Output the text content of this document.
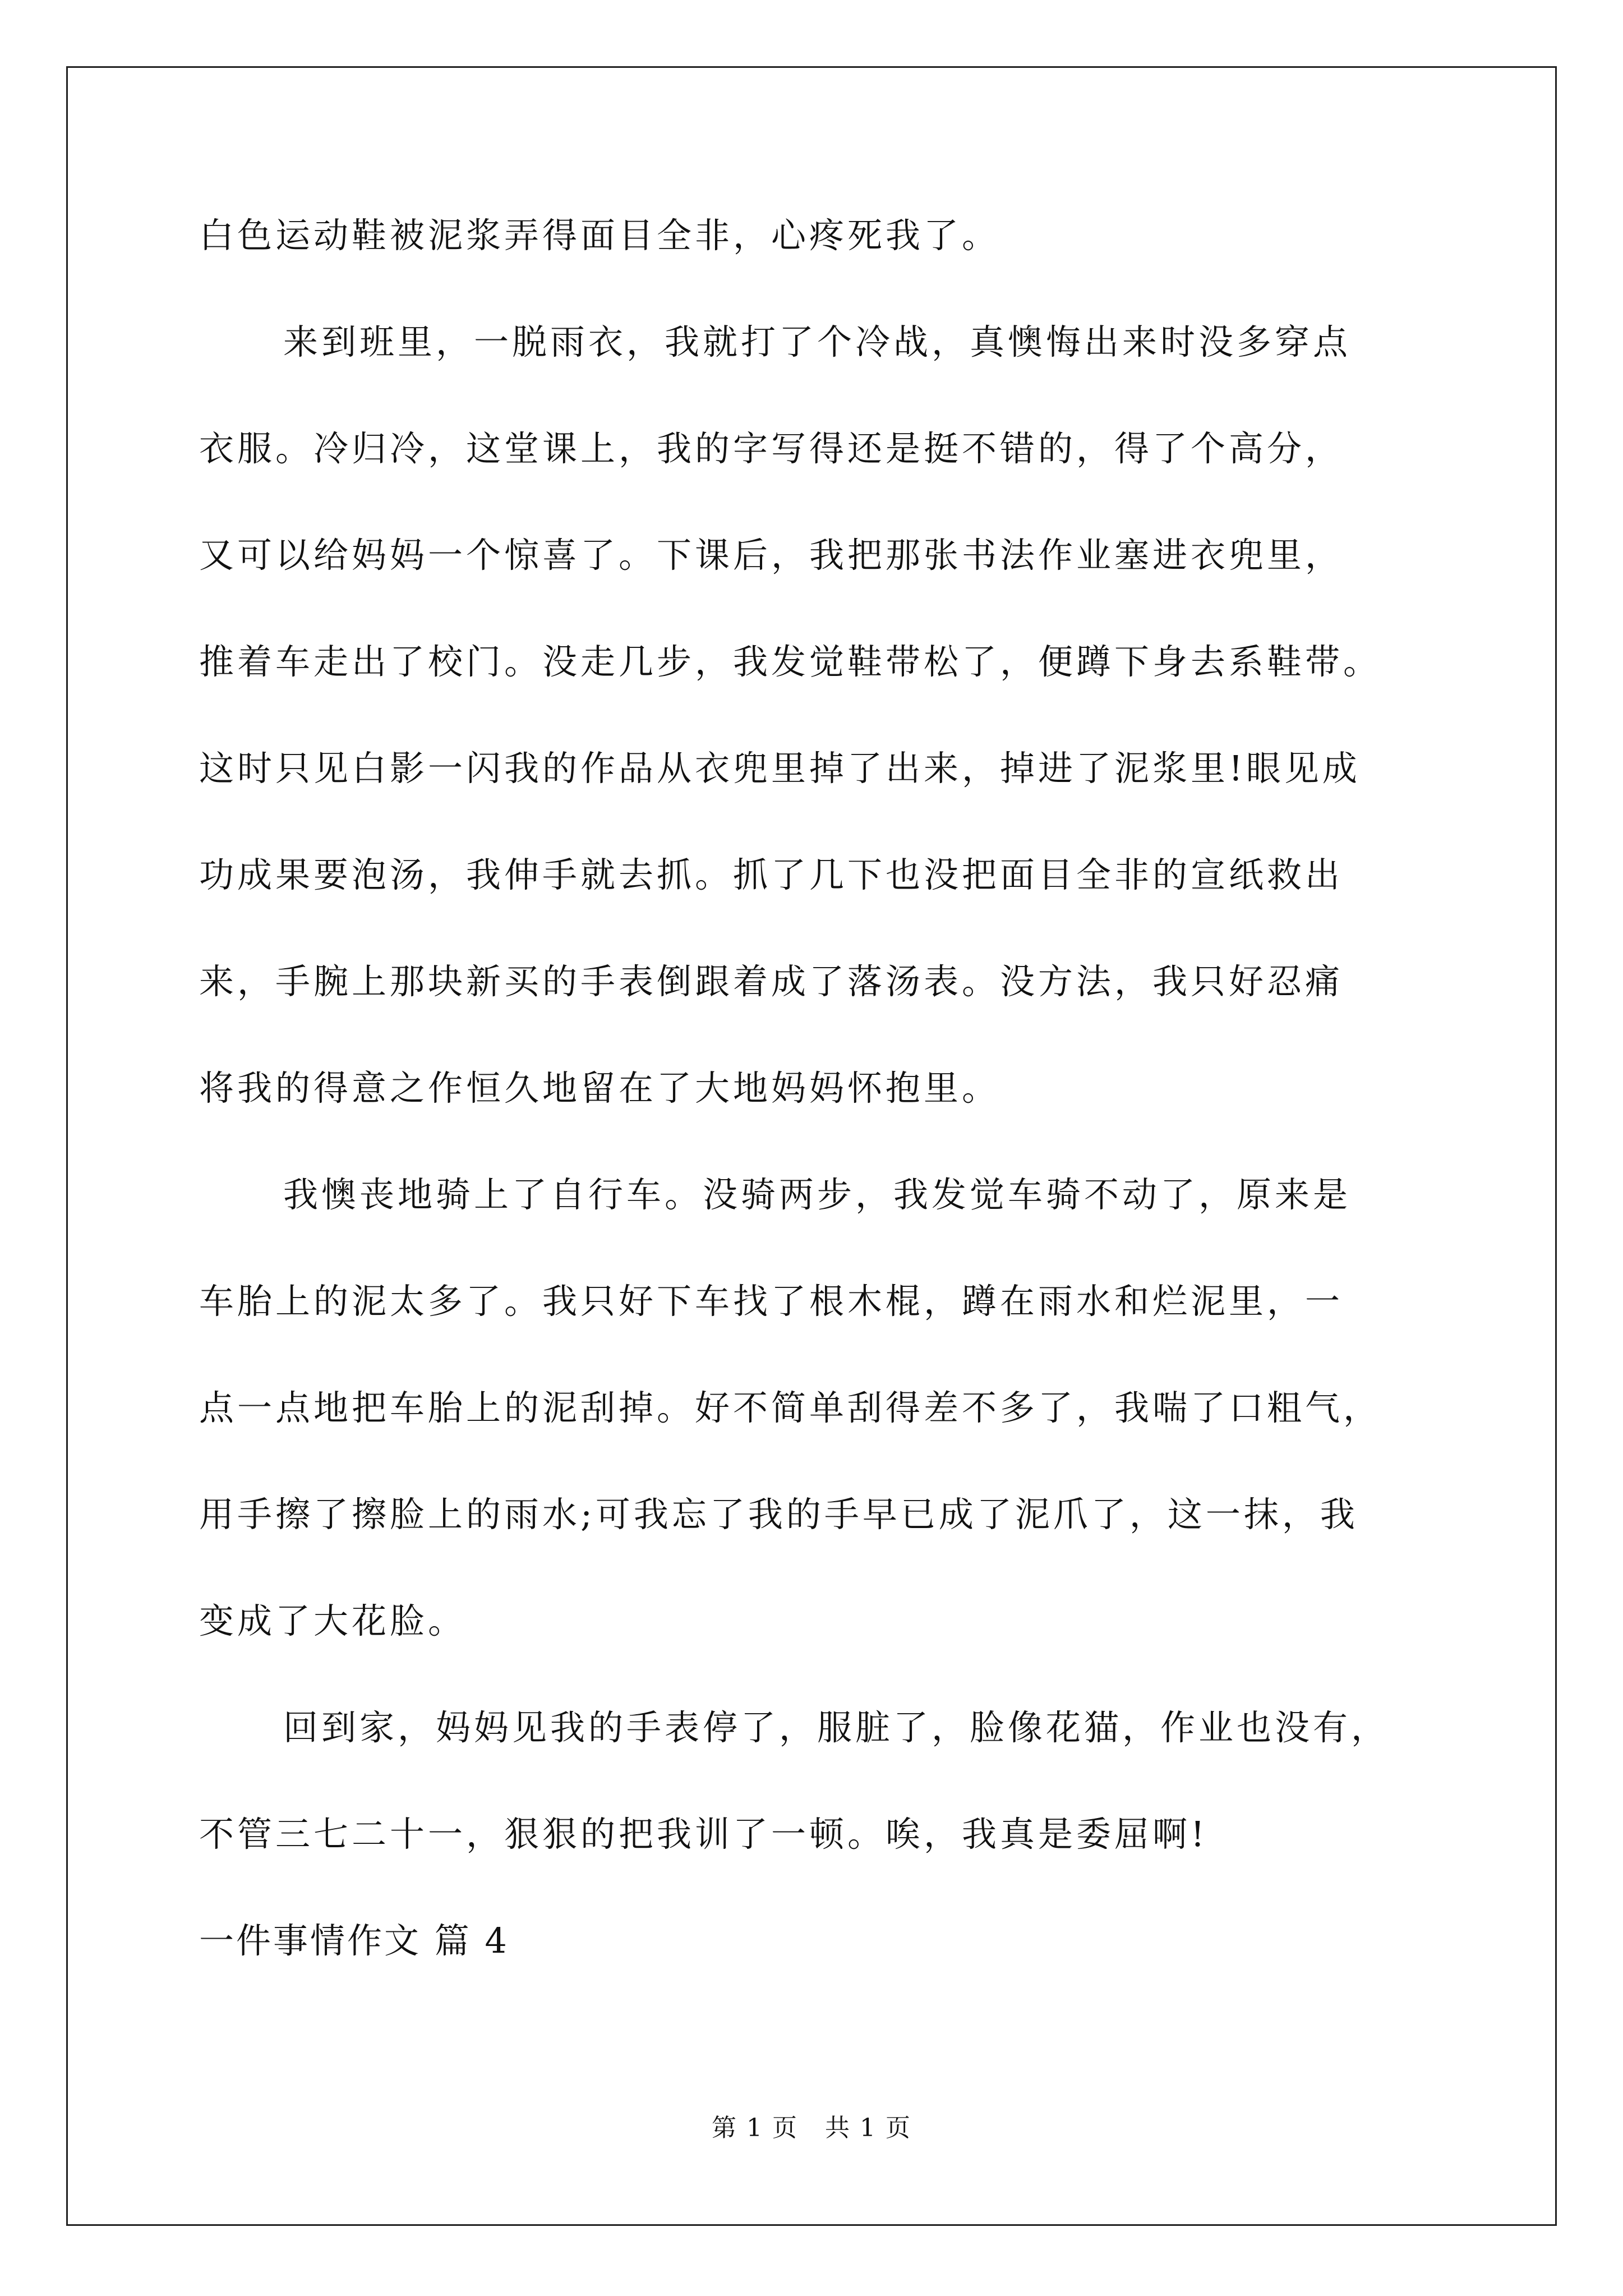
白色运动鞋被泥浆弄得面目全非，心疼死我了。
来到班里，一脱雨衣，我就打了个冷战，真懊悔出来时没多穿点
衣服。冷归冷，这堂课上，我的字写得还是挺不错的，得了个高分，
又可以给妈妈一个惊喜了。下课后，我把那张书法作业塞进衣兜里，
推着车走出了校门。没走几步，我发觉鞋带松了，便蹲下身去系鞋带。
这时只见白影一闪我的作品从衣兜里掉了出来，掉进了泥浆里!眼见成
功成果要泡汤，我伸手就去抓。抓了几下也没把面目全非的宣纸救出
来，手腕上那块新买的手表倒跟着成了落汤表。没方法，我只好忍痛
将我的得意之作恒久地留在了大地妈妈怀抱里。
我懊丧地骑上了自行车。没骑两步，我发觉车骑不动了，原来是
车胎上的泥太多了。我只好下车找了根木棍，蹲在雨水和烂泥里，一
点一点地把车胎上的泥刮掉。好不简单刮得差不多了，我喘了口粗气，
用手擦了擦脸上的雨水;可我忘了我的手早已成了泥爪了，这一抹，我
变成了大花脸。
回到家，妈妈见我的手表停了，服脏了，脸像花猫，作业也没有，
不管三七二十一，狠狠的把我训了一顿。唉，我真是委屈啊!
一件事情作文 篇 4
第 1 页 共 1 页
